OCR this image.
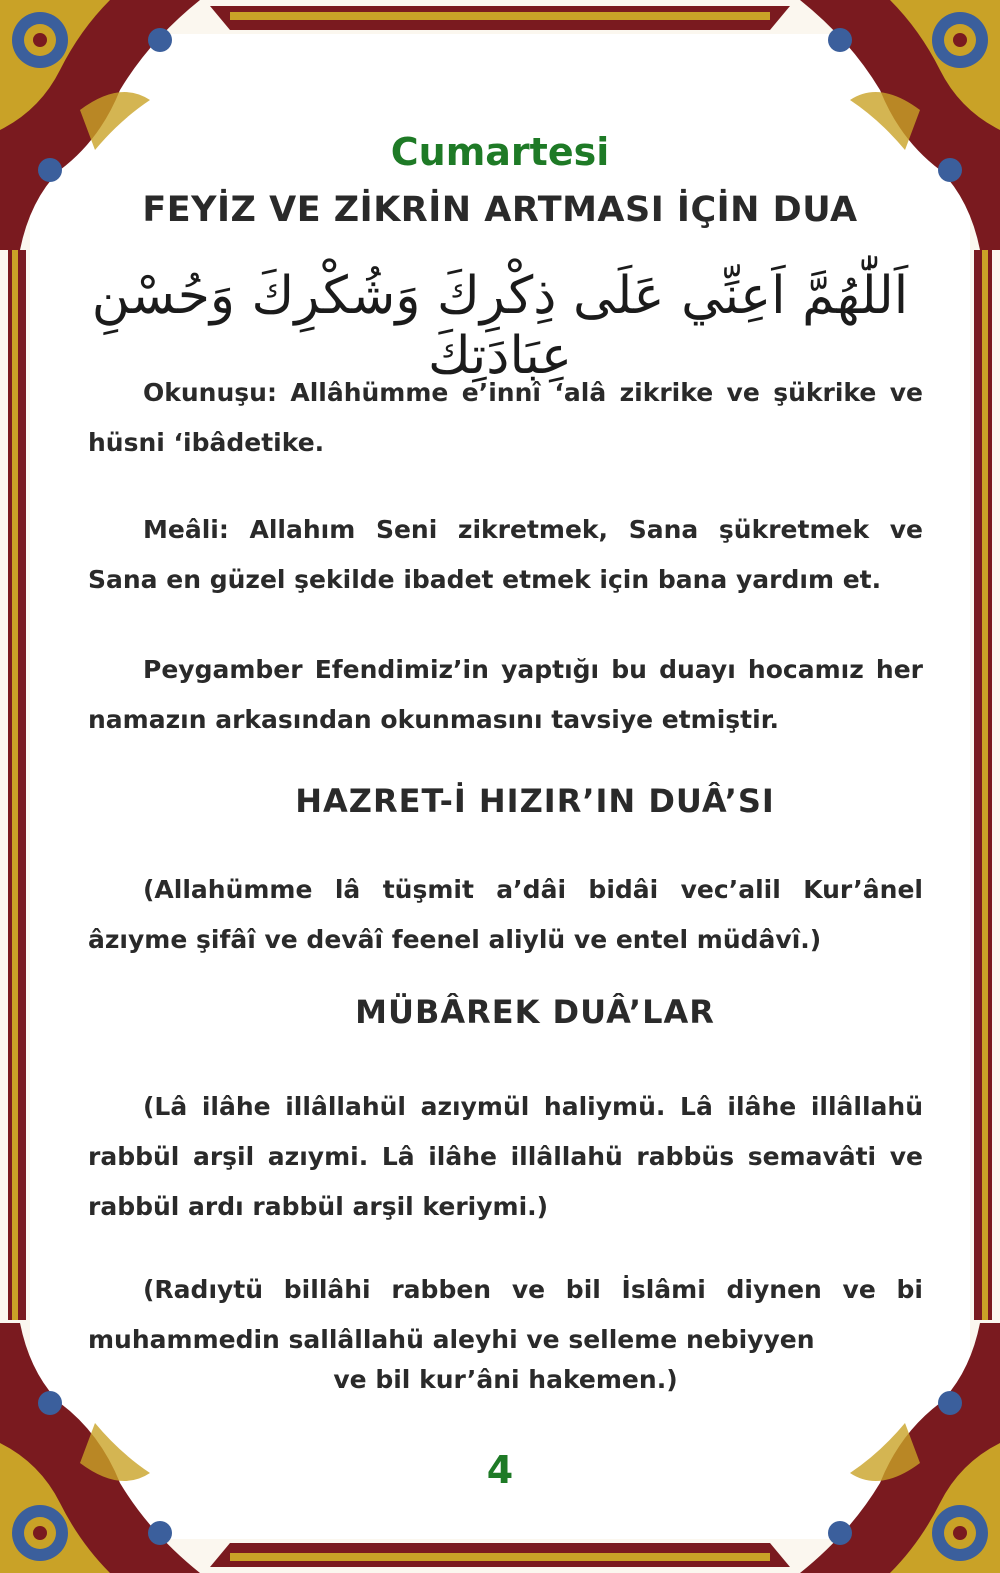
Cumartesi
FEYİZ VE ZİKRİN ARTMASI İÇİN DUA
اَللّٰهُمَّ اَعِنِّي عَلَى ذِكْرِكَ وَشُكْرِكَ وَحُسْنِ عِبَادَتِكَ
Okunuşu: Allâhümme e’innî ‘alâ zikrike ve şükrike ve hüsni ‘ibâdetike.
Meâli: Allahım Seni zikretmek, Sana şükretmek ve Sana en güzel şekilde ibadet etmek için bana yardım et.
Peygamber Efendimiz’in yaptığı bu duayı hocamız her namazın arkasından okunmasını tavsiye etmiştir.
HAZRET-İ HIZIR’IN DUÂ’SI
(Allahümme lâ tüşmit a’dâi bidâi vec’alil Kur’ânel âzıyme şifâî ve devâî feenel aliylü ve entel müdâvî.)
MÜBÂREK DUÂ’LAR
(Lâ ilâhe illâllahül azıymül haliymü. Lâ ilâhe illâllahü rabbül arşil azıymi. Lâ ilâhe illâllahü rabbüs semavâti ve rabbül ardı rabbül arşil keriymi.)
(Radıytü billâhi rabben ve bil İslâmi diynen ve bi muhammedin sallâllahü aleyhi ve selleme nebiyyen
ve bil kur’âni hakemen.)
4
